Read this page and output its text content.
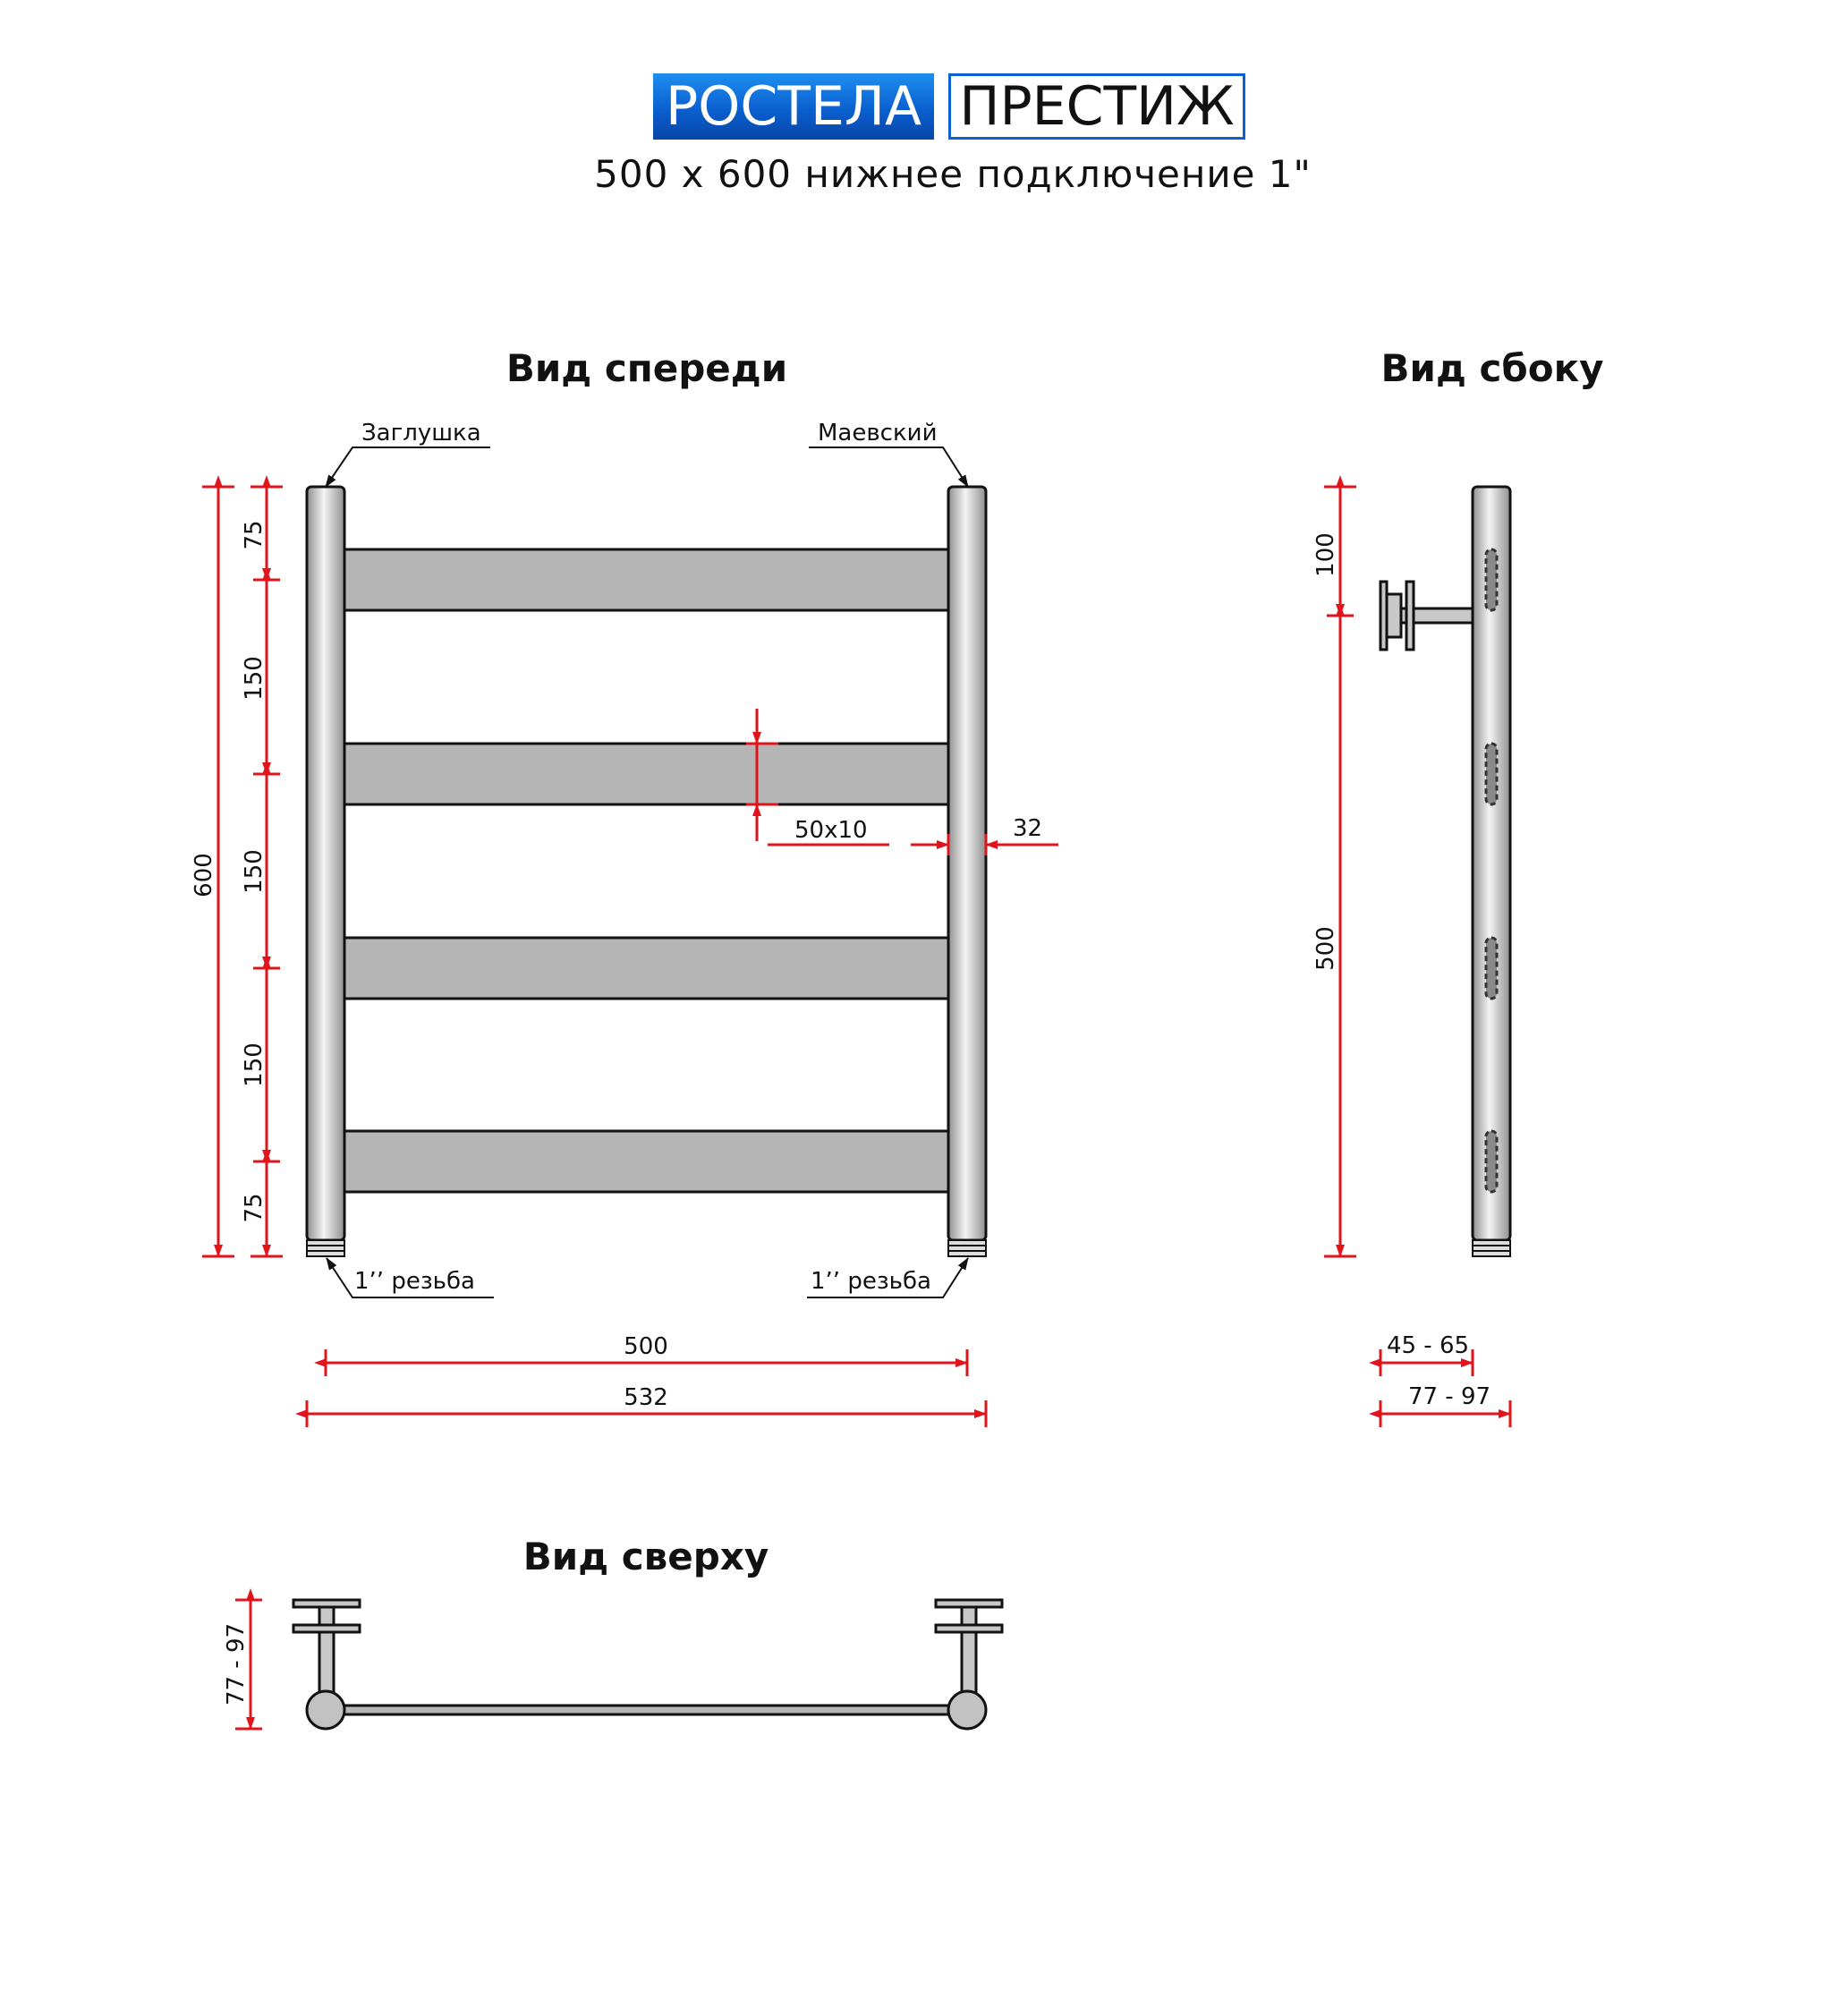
РОСТЕЛА ПРЕСТИЖ
500 x 600 нижнее подключение 1"
Вид спереди
Заглушка	Маевский
1’’ резьба	1’’ резьба
600
75
150
150
150
75
50x10	32
500
532
Вид сбоку
100
500
45 - 65
77 - 97
Вид сверху
77 - 97
